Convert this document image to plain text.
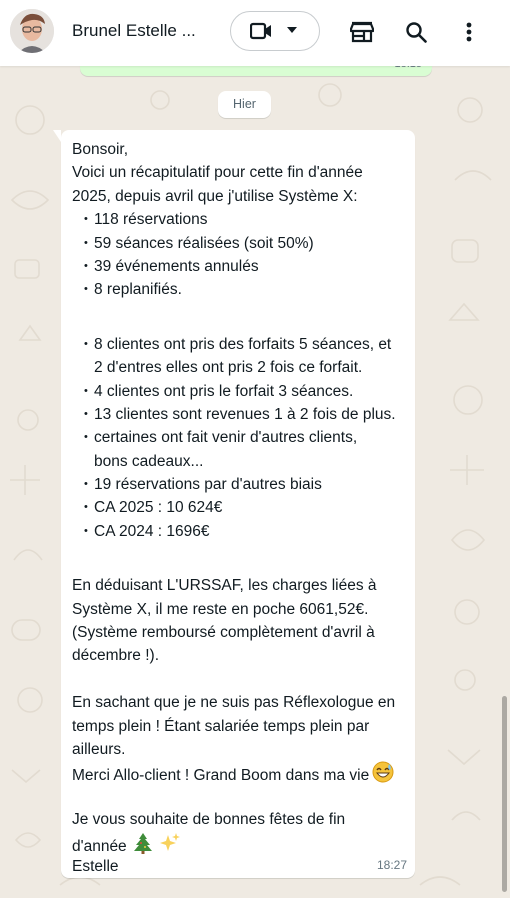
Brunel Estelle ...
Hier
Bonsoir,
Voici un récapitulatif pour cette fin d'année
2025, depuis avril que j'utilise Système X:
• 118 réservations
• 59 séances réalisées (soit 50%)
• 39 événements annulés
• 8 replanifiés.
• 8 clientes ont pris des forfaits 5 séances, et
2 d'entres elles ont pris 2 fois ce forfait.
• 4 clientes ont pris le forfait 3 séances.
• 13 clientes sont revenues 1 à 2 fois de plus.
• certaines ont fait venir d'autres clients,
bons cadeaux...
• 19 réservations par d'autres biais
• CA 2025 : 10 624€
• CA 2024 : 1696€
En déduisant L'URSSAF, les charges liées à
Système X, il me reste en poche 6061,52€.
(Système remboursé complètement d'avril à
décembre !).
En sachant que je ne suis pas Réflexologue en
temps plein ! Étant salariée temps plein par
ailleurs.
Merci Allo-client ! Grand Boom dans ma vie
Je vous souhaite de bonnes fêtes de fin
d'année
Estelle	18:27
